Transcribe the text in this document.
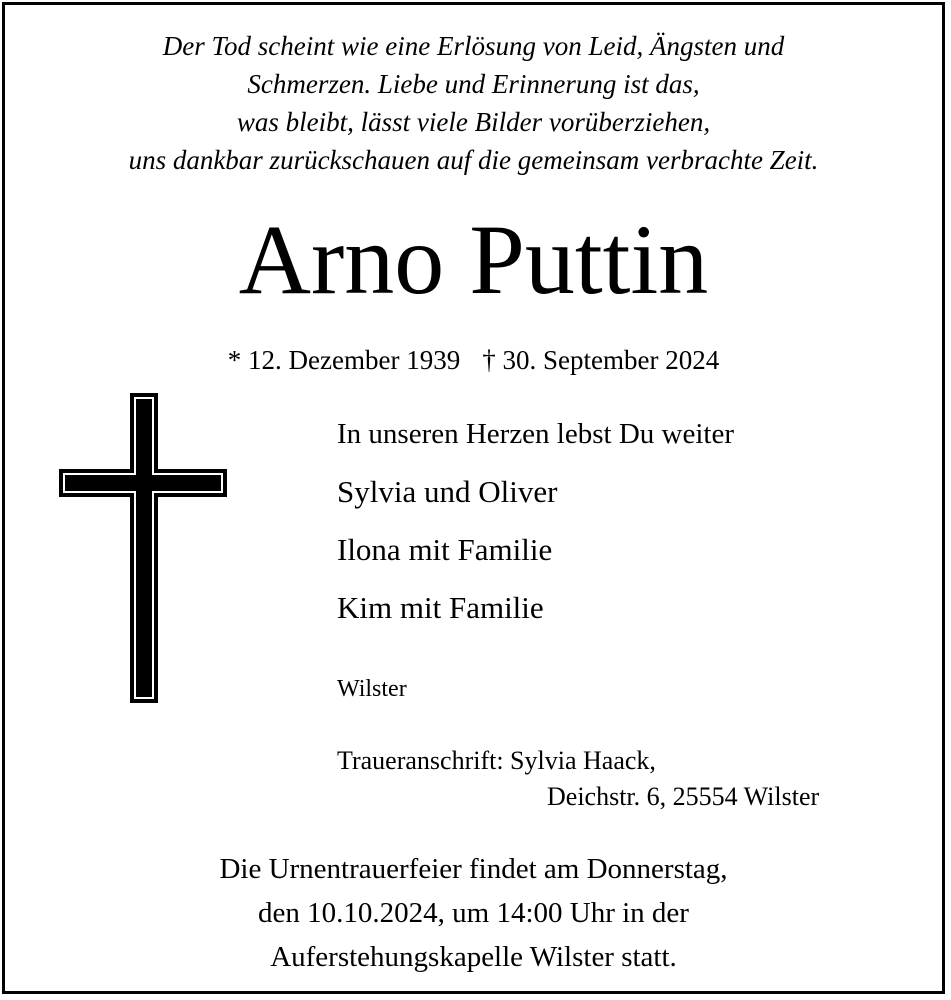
Der Tod scheint wie eine Erlösung von Leid, Ängsten und
Schmerzen. Liebe und Erinnerung ist das,
was bleibt, lässt viele Bilder vorüberziehen,
uns dankbar zurückschauen auf die gemeinsam verbrachte Zeit.
Arno Puttin
* 12. Dezember 1939 † 30. September 2024
In unseren Herzen lebst Du weiter
Sylvia und Oliver
Ilona mit Familie
Kim mit Familie
Wilster
Traueranschrift: Sylvia Haack,
Deichstr. 6, 25554 Wilster
Die Urnentrauerfeier findet am Donnerstag,
den 10.10.2024, um 14:00 Uhr in der
Auferstehungskapelle Wilster statt.
